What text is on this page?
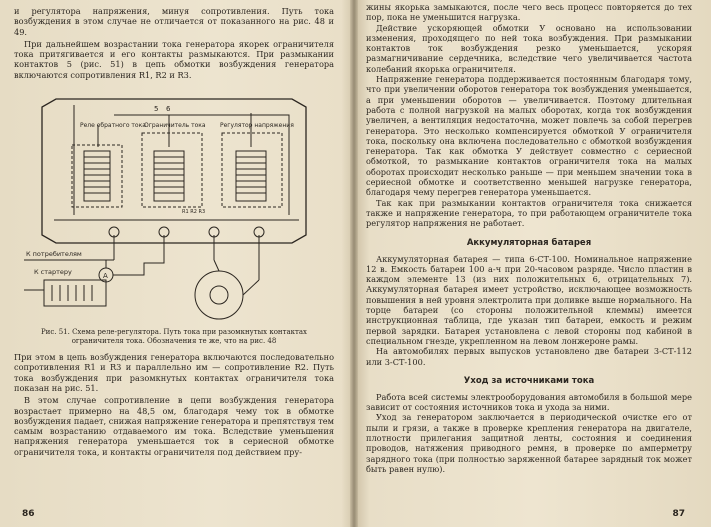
и регулятора напряжения, минуя сопротивления. Путь тока возбуждения в этом случае не отличается от показанного на рис. 48 и 49.

При дальнейшем возрастании тока генератора якорек ограничителя тока притягивается и его контакты размыкаются. При размыкании контактов 5 (рис. 51) в цепь обмотки возбуждения генератора включаются сопротивления R1, R2 и R3.

Реле обратного тока
Ограничитель тока Регулятор напряжения
К потребителям
К стартеру
5 6
A
R1 R2 R3
Рис. 51. Схема реле-регулятора. Путь тока при разомкнутых контактах ограничителя тока. Обозначения те же, что на рис. 48

При этом в цепь возбуждения генератора включаются последовательно сопротивления R1 и R3 и параллельно им — сопротивление R2. Путь тока возбуждения при разомкнутых контактах ограничителя тока показан на рис. 51.

В этом случае сопротивление в цепи возбуждения генератора возрастает примерно на 48,5 ом, благодаря чему ток в обмотке возбуждения падает, снижая напряжение генератора и препятствуя тем самым возрастанию отдаваемого им тока. Вследствие уменьшения напряжения генератора уменьшается ток в сериесной обмотке ограничителя тока, и контакты ограничителя под действием пру-

86

жины якорька замыкаются, после чего весь процесс повторяется до тех пор, пока не уменьшится нагрузка.

Действие ускоряющей обмотки У основано на использовании изменения, проходящего по ней тока возбуждения. При размыкании контактов ток возбуждения резко уменьшается, ускоряя размагничивание сердечника, вследствие чего увеличивается частота колебаний якорька ограничителя.

Напряжение генератора поддерживается постоянным благодаря тому, что при увеличении оборотов генератора ток возбуждения уменьшается, а при уменьшении оборотов — увеличивается. Поэтому длительная работа с полной нагрузкой на малых оборотах, когда ток возбуждения увеличен, а вентиляция недостаточна, может повлечь за собой перегрев генератора. Это несколько компенсируется обмоткой У ограничителя тока, поскольку она включена последовательно с обмоткой возбуждения генератора. Так как обмотка У действует совместно с сериесной обмоткой, то размыкание контактов ограничителя тока на малых оборотах происходит несколько раньше — при меньшем значении тока в сериесной обмотке и соответственно меньшей нагрузке генератора, благодаря чему перегрев генератора уменьшается.

Так как при размыкании контактов ограничителя тока снижается также и напряжение генератора, то при работающем ограничителе тока регулятор напряжения не работает.

Аккумуляторная батарея

Аккумуляторная батарея — типа 6-СТ-100. Номинальное напряжение 12 в. Емкость батареи 100 а-ч при 20-часовом разряде. Число пластин в каждом элементе 13 (из них положительных 6, отрицательных 7). Аккумуляторная батарея имеет устройство, исключающее возможность повышения в ней уровня электролита при доливке выше нормального. На торце батареи (со стороны положительной клеммы) имеется инструкционная таблица, где указан тип батареи, емкость и режим первой зарядки. Батарея установлена с левой стороны под кабиной в специальном гнезде, укрепленном на левом лонжероне рамы.

На автомобилях первых выпусков установлено две батареи 3-СТ-112 или 3-СТ-100.

Уход за источниками тока

Работа всей системы электрооборудования автомобиля в большой мере зависит от состояния источников тока и ухода за ними.

Уход за генератором заключается в периодической очистке его от пыли и грязи, а также в проверке крепления генератора на двигателе, плотности прилегания защитной ленты, состояния и соединения проводов, натяжения приводного ремня, в проверке по амперметру зарядного тока (при полностью заряженной батарее зарядный ток может быть равен нулю).

87
